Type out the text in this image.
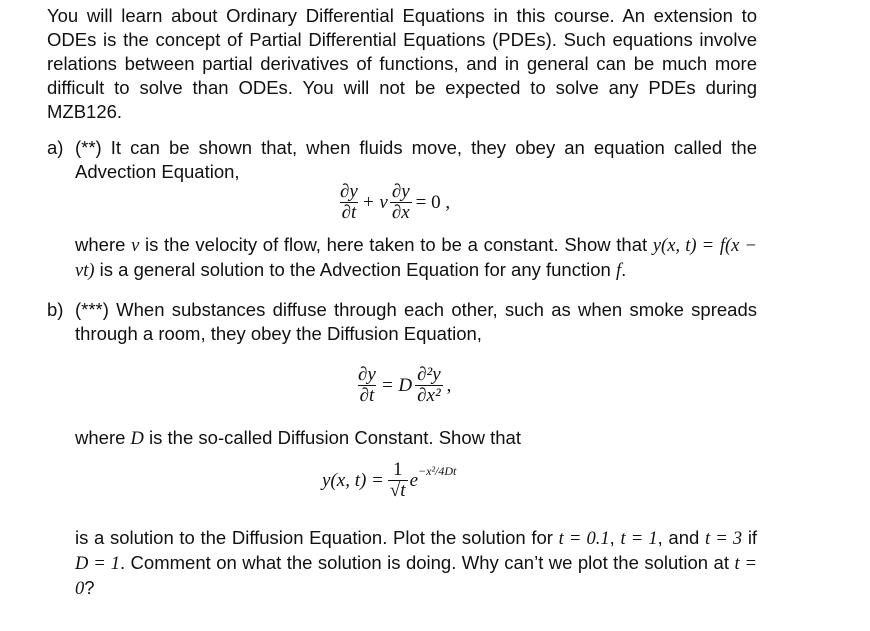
You will learn about Ordinary Differential Equations in this course. An extension to ODEs is the concept of Partial Differential Equations (PDEs). Such equations involve relations between partial derivatives of functions, and in general can be much more difficult to solve than ODEs. You will not be expected to solve any PDEs during MZB126.
a) (**) It can be shown that, when fluids move, they obey an equation called the Advection Equation,
$\frac{\partial y}{\partial t} + v \frac{\partial y}{\partial x} = 0$ ,
where v is the velocity of flow, here taken to be a constant. Show that y(x, t) = f(x − vt) is a general solution to the Advection Equation for any function f.
b) (***) When substances diffuse through each other, such as when smoke spreads through a room, they obey the Diffusion Equation,
$\frac{\partial y}{\partial t} = D \frac{\text{∂²y}}{\text{∂x²}}$ ,
where D is the so-called Diffusion Constant. Show that
y(x, $t) = \frac{1}{√t}$ e −x²/4Dt
is a solution to the Diffusion Equation. Plot the solution for t = 0.1, t = 1, and t = 3 if D = 1. Comment on what the solution is doing. Why can’t we plot the solution at t = 0?
